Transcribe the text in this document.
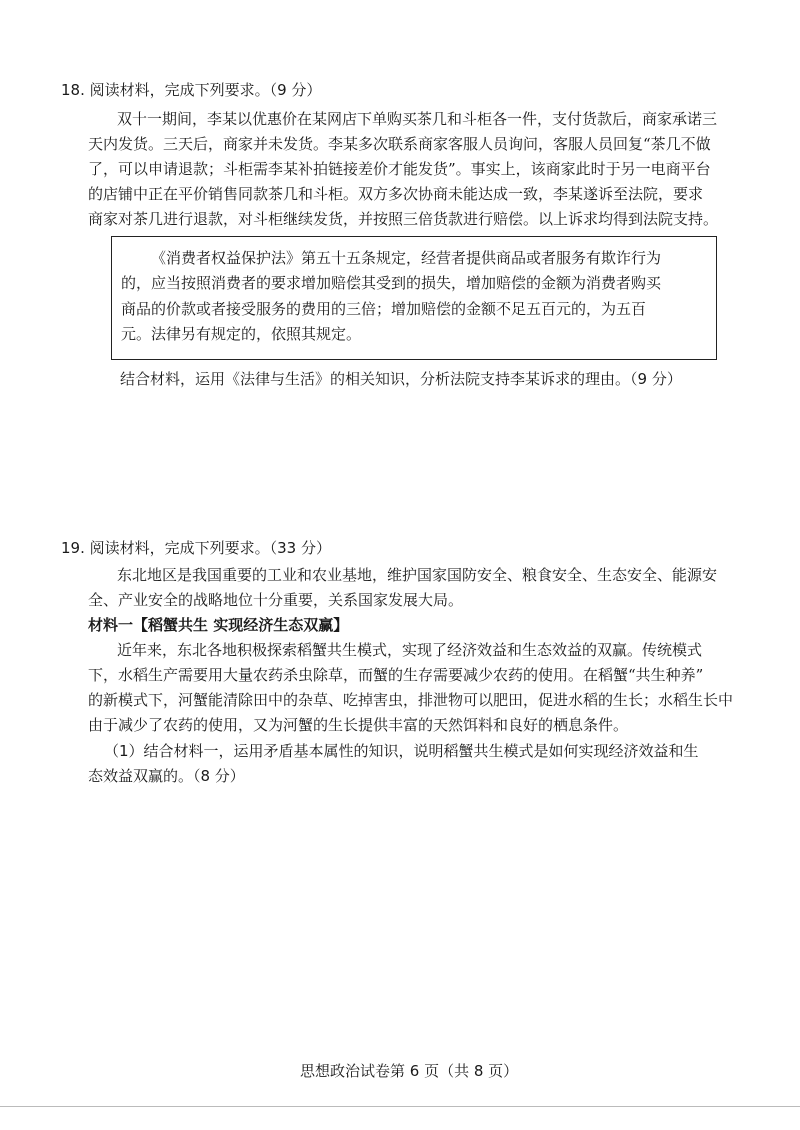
18. 阅读材料，完成下列要求。（9 分）
双十一期间，李某以优惠价在某网店下单购买茶几和斗柜各一件，支付货款后，商家承诺三
天内发货。三天后，商家并未发货。李某多次联系商家客服人员询问，客服人员回复“茶几不做
了，可以申请退款；斗柜需李某补拍链接差价才能发货”。事实上，该商家此时于另一电商平台
的店铺中正在平价销售同款茶几和斗柜。双方多次协商未能达成一致，李某遂诉至法院，要求
商家对茶几进行退款，对斗柜继续发货，并按照三倍货款进行赔偿。以上诉求均得到法院支持。
《消费者权益保护法》第五十五条规定，经营者提供商品或者服务有欺诈行为
的，应当按照消费者的要求增加赔偿其受到的损失，增加赔偿的金额为消费者购买
商品的价款或者接受服务的费用的三倍；增加赔偿的金额不足五百元的，为五百
元。法律另有规定的，依照其规定。
结合材料，运用《法律与生活》的相关知识，分析法院支持李某诉求的理由。（9 分）
19. 阅读材料，完成下列要求。（33 分）
东北地区是我国重要的工业和农业基地，维护国家国防安全、粮食安全、生态安全、能源安
全、产业安全的战略地位十分重要，关系国家发展大局。
材料一【稻蟹共生 实现经济生态双赢】
近年来，东北各地积极探索稻蟹共生模式，实现了经济效益和生态效益的双赢。传统模式
下，水稻生产需要用大量农药杀虫除草，而蟹的生存需要减少农药的使用。在稻蟹“共生种养”
的新模式下，河蟹能清除田中的杂草、吃掉害虫，排泄物可以肥田，促进水稻的生长；水稻生长中
由于减少了农药的使用，又为河蟹的生长提供丰富的天然饵料和良好的栖息条件。
（1）结合材料一，运用矛盾基本属性的知识，说明稻蟹共生模式是如何实现经济效益和生
态效益双赢的。（8 分）
思想政治试卷第 6 页（共 8 页）
